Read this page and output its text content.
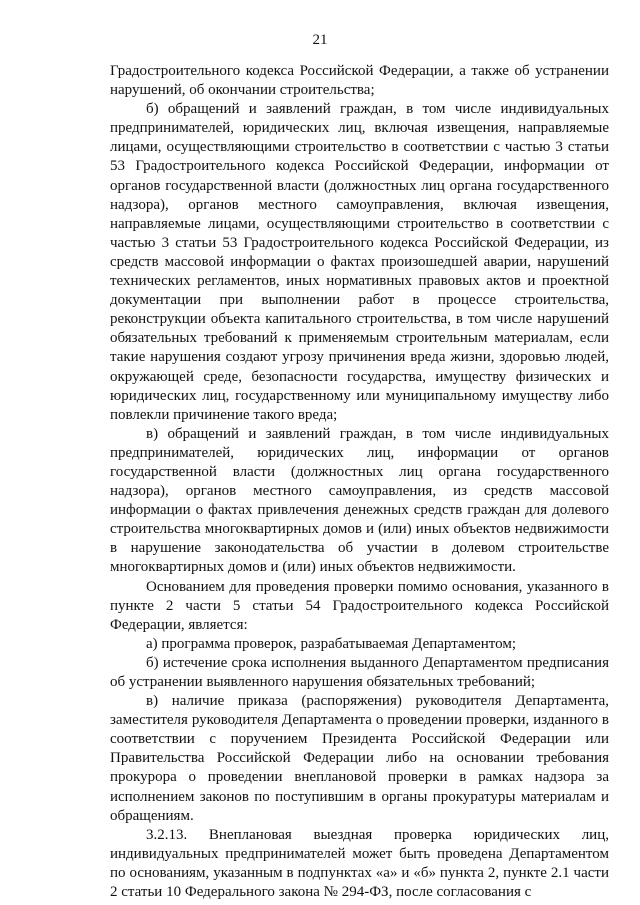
21

Градостроительного кодекса Российской Федерации, а также об устранении нарушений, об окончании строительства;

б) обращений и заявлений граждан, в том числе индивидуальных предпринимателей, юридических лиц, включая извещения, направляемые лицами, осуществляющими строительство в соответствии с частью 3 статьи 53 Градостроительного кодекса Российской Федерации, информации от органов государственной власти (должностных лиц органа государственного надзора), органов местного самоуправления, включая извещения, направляемые лицами, осуществляющими строительство в соответствии с частью 3 статьи 53 Градостроительного кодекса Российской Федерации, из средств массовой информации о фактах произошедшей аварии, нарушений технических регламентов, иных нормативных правовых актов и проектной документации при выполнении работ в процессе строительства, реконструкции объекта капитального строительства, в том числе нарушений обязательных требований к применяемым строительным материалам, если такие нарушения создают угрозу причинения вреда жизни, здоровью людей, окружающей среде, безопасности государства, имуществу физических и юридических лиц, государственному или муниципальному имуществу либо повлекли причинение такого вреда;

в) обращений и заявлений граждан, в том числе индивидуальных предпринимателей, юридических лиц, информации от органов государственной власти (должностных лиц органа государственного надзора), органов местного самоуправления, из средств массовой информации о фактах привлечения денежных средств граждан для долевого строительства многоквартирных домов и (или) иных объектов недвижимости в нарушение законодательства об участии в долевом строительстве многоквартирных домов и (или) иных объектов недвижимости.

Основанием для проведения проверки помимо основания, указанного в пункте 2 части 5 статьи 54 Градостроительного кодекса Российской Федерации, является:

а) программа проверок, разрабатываемая Департаментом;

б) истечение срока исполнения выданного Департаментом предписания об устранении выявленного нарушения обязательных требований;

в) наличие приказа (распоряжения) руководителя Департамента, заместителя руководителя Департамента о проведении проверки, изданного в соответствии с поручением Президента Российской Федерации или Правительства Российской Федерации либо на основании требования прокурора о проведении внеплановой проверки в рамках надзора за исполнением законов по поступившим в органы прокуратуры материалам и обращениям.

3.2.13. Внеплановая выездная проверка юридических лиц, индивидуальных предпринимателей может быть проведена Департаментом по основаниям, указанным в подпунктах «а» и «б» пункта 2, пункте 2.1 части 2 статьи 10 Федерального закона № 294-ФЗ, после согласования с
